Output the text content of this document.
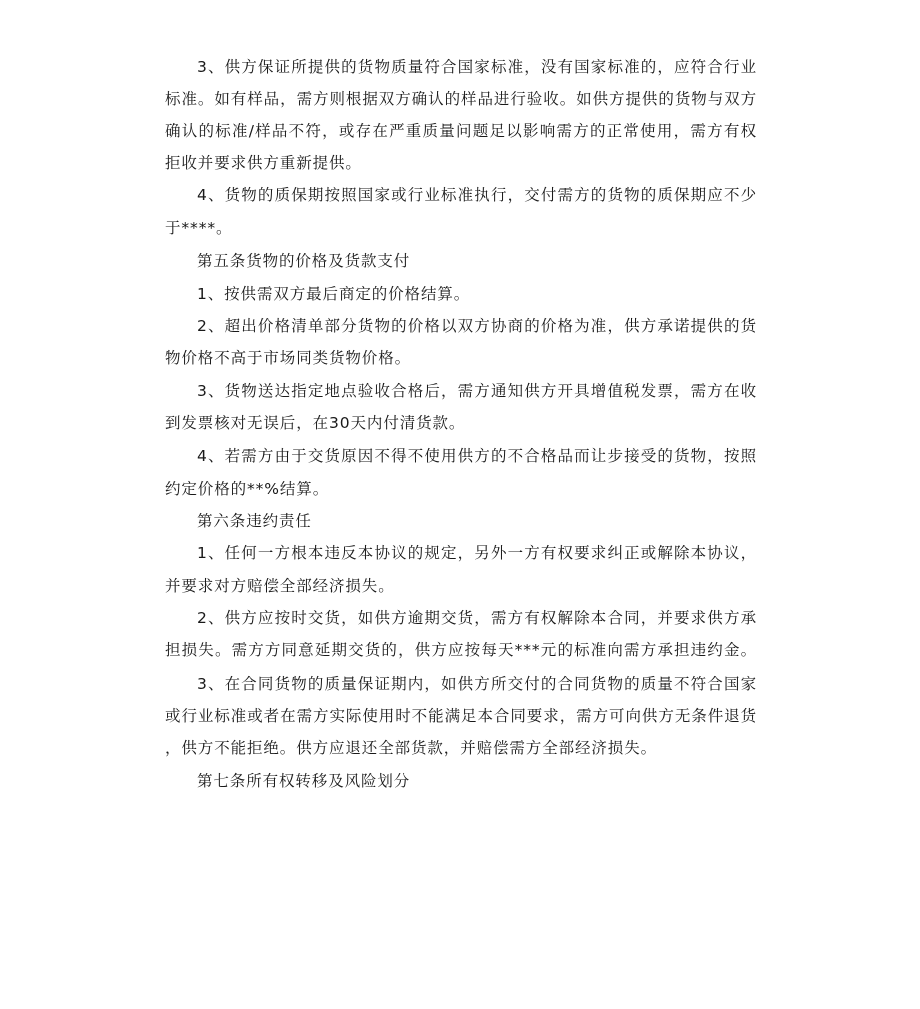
3、供方保证所提供的货物质量符合国家标准，没有国家标准的，应符合行业
标准。如有样品，需方则根据双方确认的样品进行验收。如供方提供的货物与双方
确认的标准/样品不符，或存在严重质量问题足以影响需方的正常使用，需方有权
拒收并要求供方重新提供。
4、货物的质保期按照国家或行业标准执行，交付需方的货物的质保期应不少
于****。
第五条货物的价格及货款支付
1、按供需双方最后商定的价格结算。
2、超出价格清单部分货物的价格以双方协商的价格为准，供方承诺提供的货
物价格不高于市场同类货物价格。
3、货物送达指定地点验收合格后，需方通知供方开具增值税发票，需方在收
到发票核对无误后，在30天内付清货款。
4、若需方由于交货原因不得不使用供方的不合格品而让步接受的货物，按照
约定价格的**%结算。
第六条违约责任
1、任何一方根本违反本协议的规定，另外一方有权要求纠正或解除本协议，
并要求对方赔偿全部经济损失。
2、供方应按时交货，如供方逾期交货，需方有权解除本合同，并要求供方承
担损失。需方方同意延期交货的，供方应按每天***元的标准向需方承担违约金。
3、在合同货物的质量保证期内，如供方所交付的合同货物的质量不符合国家
或行业标准或者在需方实际使用时不能满足本合同要求，需方可向供方无条件退货
，供方不能拒绝。供方应退还全部货款，并赔偿需方全部经济损失。
第七条所有权转移及风险划分
